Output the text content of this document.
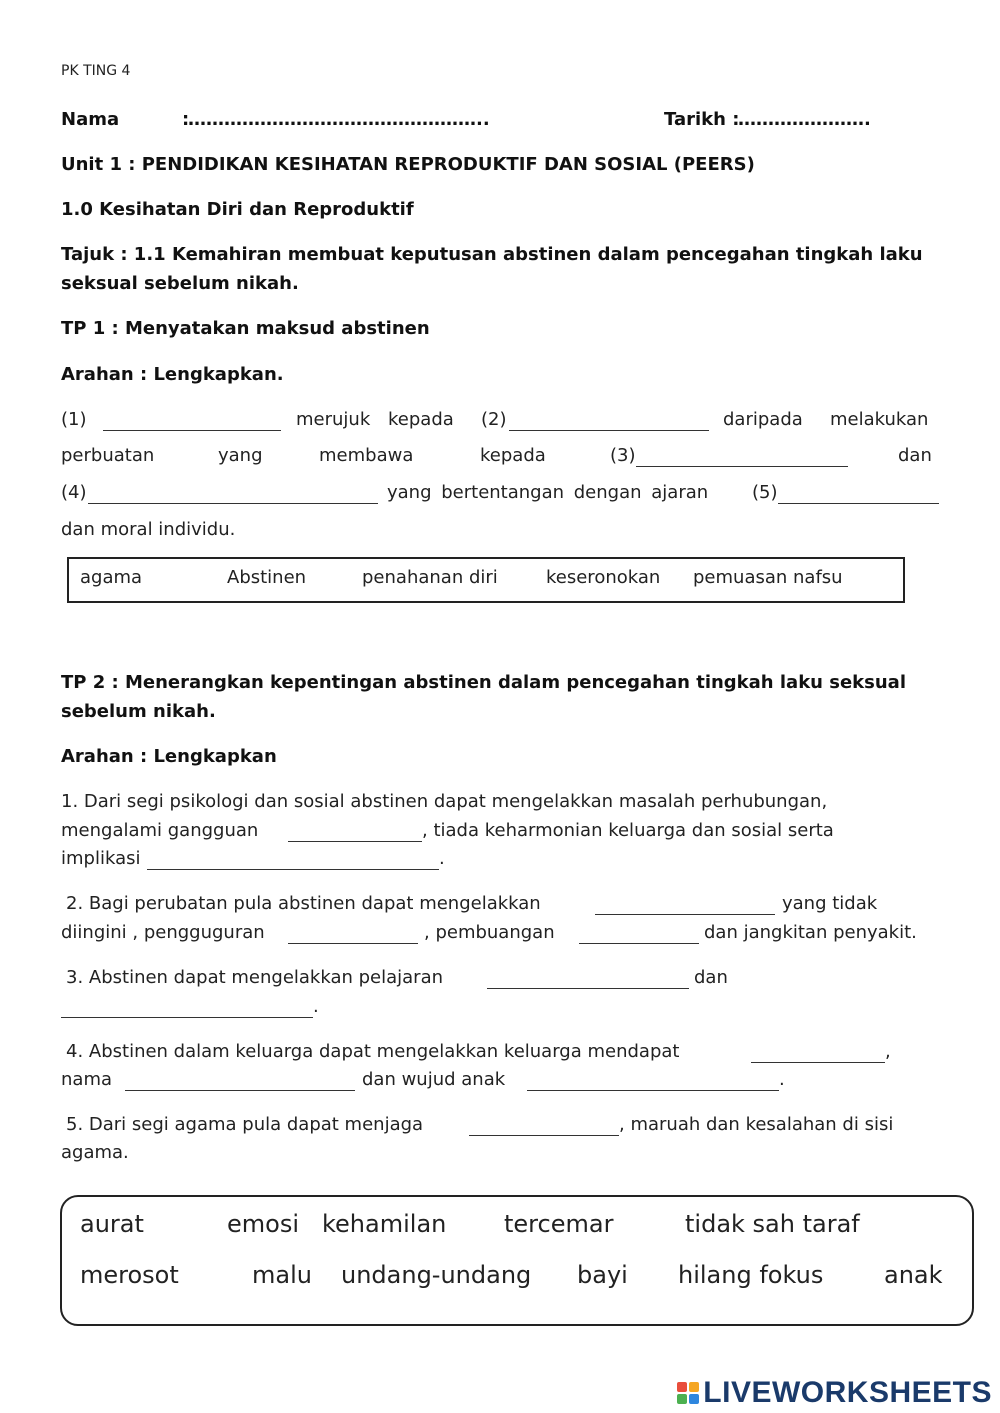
PK TING 4
Nama	:
…………………………………………..	Tarikh :
………………….
Unit 1 : PENDIDIKAN KESIHATAN REPRODUKTIF DAN SOSIAL (PEERS)
1.0 Kesihatan Diri dan Reproduktif
Tajuk : 1.1 Kemahiran membuat keputusan abstinen dalam pencegahan tingkah laku
seksual sebelum nikah.
TP 1 : Menyatakan maksud abstinen
Arahan : Lengkapkan.
(1)	merujuk kepada (2)	daripada melakukan
perbuatan	yang	membawa	kepada	(3)	dan
(4)	yang bertentangan dengan ajaran (5)
dan moral individu.
agama	Abstinen	penahanan diri	keseronokan pemuasan nafsu
TP 2 : Menerangkan kepentingan abstinen dalam pencegahan tingkah laku seksual
sebelum nikah.
Arahan : Lengkapkan
1. Dari segi psikologi dan sosial abstinen dapat mengelakkan masalah perhubungan,
mengalami gangguan	, tiada keharmonian keluarga dan sosial serta
implikasi	.
2. Bagi perubatan pula abstinen dapat mengelakkan	yang tidak
diingini , pengguguran	, pembuangan	dan jangkitan penyakit.
3. Abstinen dapat mengelakkan pelajaran	dan
.
4. Abstinen dalam keluarga dapat mengelakkan keluarga mendapat	,
nama	dan wujud anak	.
5. Dari segi agama pula dapat menjaga	, maruah dan kesalahan di sisi
agama.
aurat	emosi kehamilan tercemar	tidak sah taraf
merosot	malu undang-undang bayi hilang fokus	anak
LIVEWORKSHEETS
